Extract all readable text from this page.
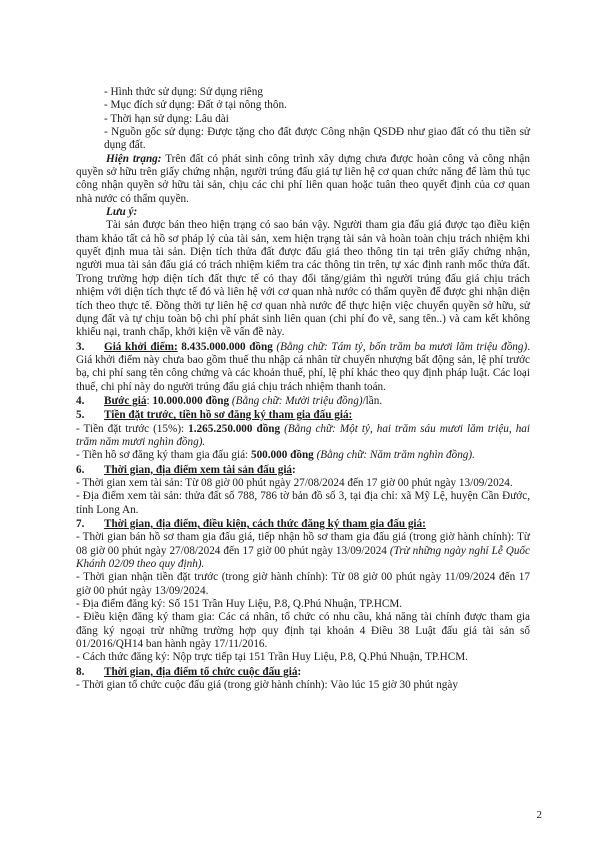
- Hình thức sử dụng: Sử dụng riêng

- Mục đích sử dụng: Đất ở tại nông thôn.

- Thời hạn sử dụng: Lâu dài

- Nguồn gốc sử dụng: Được tặng cho đất được Công nhận QSDĐ như giao đất có thu tiền sử dụng đất.

Hiện trạng: Trên đất có phát sinh công trình xây dựng chưa được hoàn công và công nhận quyền sở hữu trên giấy chứng nhận, người trúng đấu giá tự liên hệ cơ quan chức năng để làm thủ tục công nhận quyền sở hữu tài sản, chịu các chi phí liên quan hoặc tuân theo quyết định của cơ quan nhà nước có thẩm quyền.

Lưu ý:

Tài sản được bán theo hiện trạng có sao bán vậy. Người tham gia đấu giá được tạo điều kiện tham khảo tất cả hồ sơ pháp lý của tài sản, xem hiện trạng tài sản và hoàn toàn chịu trách nhiệm khi quyết định mua tài sản. Diện tích thửa đất được đấu giá theo thông tin tại trên giấy chứng nhận, người mua tài sản đấu giá có trách nhiệm kiểm tra các thông tin trên, tự xác định ranh mốc thửa đất. Trong trường hợp diện tích đất thực tế có thay đổi tăng/giảm thì người trúng đấu giá chịu trách nhiệm với diện tích thực tế đó và liên hệ với cơ quan nhà nước có thẩm quyền để được ghi nhận diện tích theo thực tế. Đồng thời tự liên hệ cơ quan nhà nước để thực hiện việc chuyển quyền sở hữu, sử dụng đất và tự chịu toàn bộ chi phí phát sinh liên quan (chi phí đo vẽ, sang tên..) và cam kết không khiếu nại, tranh chấp, khởi kiện về vấn đề này.

3. Giá khởi điểm: 8.435.000.000 đồng (Bằng chữ: Tám tỷ, bốn trăm ba mươi lăm triệu đồng). Giá khởi điểm này chưa bao gồm thuế thu nhập cá nhân từ chuyển nhượng bất động sản, lệ phí trước bạ, chi phí sang tên công chứng và các khoản thuế, phí, lệ phí khác theo quy định pháp luật. Các loại thuế, chi phí này do người trúng đấu giá chịu trách nhiệm thanh toán.

4. Bước giá: 10.000.000 đồng (Bằng chữ: Mười triệu đồng)/lần.

5. Tiền đặt trước, tiền hồ sơ đăng ký tham gia đấu giá:

- Tiền đặt trước (15%): 1.265.250.000 đồng (Bằng chữ: Một tỷ, hai trăm sáu mươi lăm triệu, hai trăm năm mươi nghìn đồng).

- Tiền hồ sơ đăng ký tham gia đấu giá: 500.000 đồng (Bằng chữ: Năm trăm nghìn đồng).

6. Thời gian, địa điểm xem tài sản đấu giá:

- Thời gian xem tài sản: Từ 08 giờ 00 phút ngày 27/08/2024 đến 17 giờ 00 phút ngày 13/09/2024.

- Địa điểm xem tài sản: thửa đất số 788, 786 tờ bản đồ số 3, tại địa chỉ: xã Mỹ Lệ, huyện Cần Đước, tỉnh Long An.

7. Thời gian, địa điểm, điều kiện, cách thức đăng ký tham gia đấu giá:

- Thời gian bán hồ sơ tham gia đấu giá, tiếp nhận hồ sơ tham gia đấu giá (trong giờ hành chính): Từ 08 giờ 00 phút ngày 27/08/2024 đến 17 giờ 00 phút ngày 13/09/2024 (Trừ những ngày nghỉ Lễ Quốc Khánh 02/09 theo quy định).

- Thời gian nhận tiền đặt trước (trong giờ hành chính): Từ 08 giờ 00 phút ngày 11/09/2024 đến 17 giờ 00 phút ngày 13/09/2024.

- Địa điểm đăng ký: Số 151 Trần Huy Liệu, P.8, Q.Phú Nhuận, TP.HCM.

- Điều kiện đăng ký tham gia: Các cá nhân, tổ chức có nhu cầu, khả năng tài chính được tham gia đăng ký ngoại trừ những trường hợp quy định tại khoản 4 Điều 38 Luật đấu giá tài sản số 01/2016/QH14 ban hành ngày 17/11/2016.

- Cách thức đăng ký: Nộp trực tiếp tại 151 Trần Huy Liệu, P.8, Q.Phú Nhuận, TP.HCM.

8. Thời gian, địa điểm tổ chức cuộc đấu giá:

- Thời gian tổ chức cuộc đấu giá (trong giờ hành chính): Vào lúc 15 giờ 30 phút ngày

2
